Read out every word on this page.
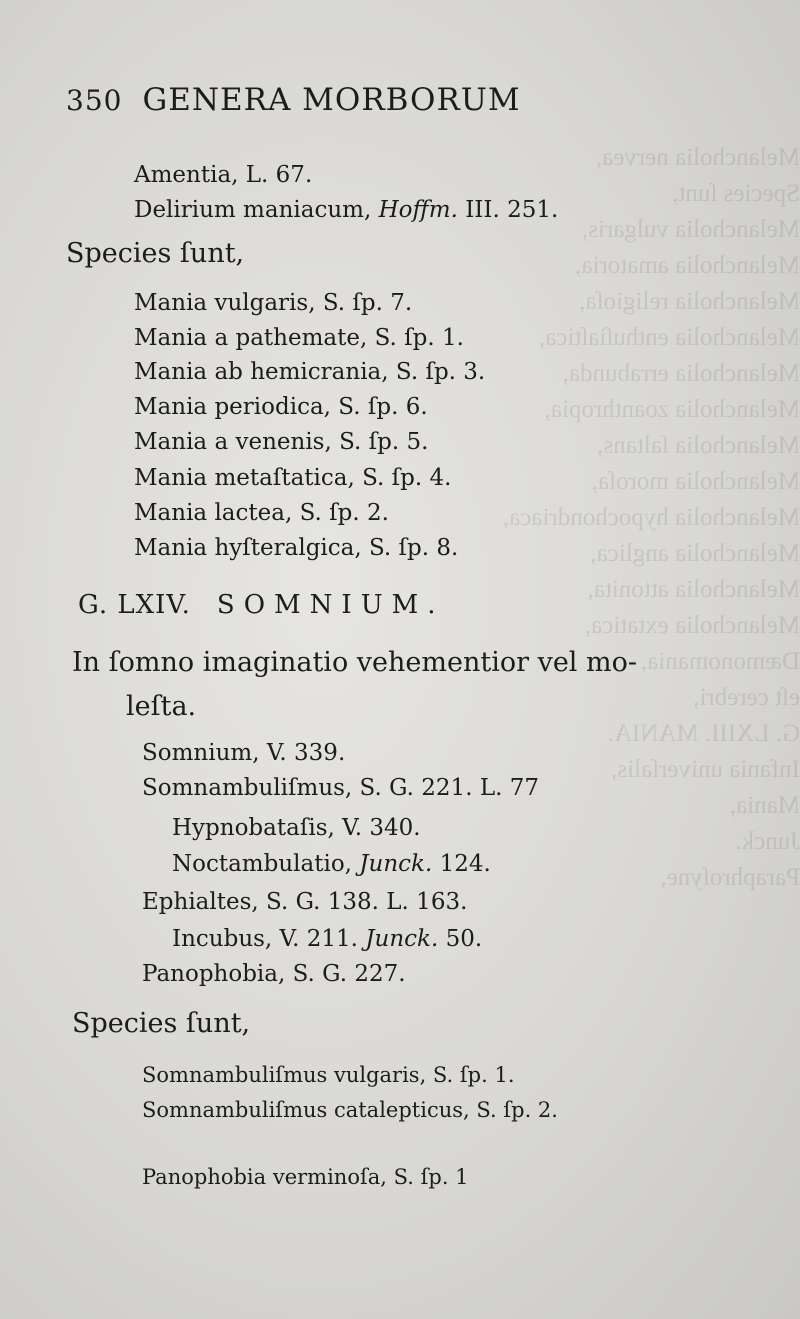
Melancholia nervea,
Species ſunt,
Melancholia vulgaris,
Melancholia amatoria,
Melancholia religioſa,
Melancholia enthuſiaſtica,
Melancholia errabunda,
Melancholia zoanthropia,
Melancholia ſaltans,
Melancholia moroſa,
Melancholia hypochondriaca,
Melancholia anglica,
Melancholia attonita,
Melancholia extatica,
Dæmonomania,
eſt cerebri,
G. LXIII. MANIA.
Infania univerſalis,
Mania,
Junck.
Paraphroſyne,
350 GENERA MORBORUM
Amentia, L. 67.
Delirium maniacum, Hoffm. III. 251.
Species ſunt,
Mania vulgaris, S. ſp. 7.
Mania a pathemate, S. ſp. 1.
Mania ab hemicrania, S. ſp. 3.
Mania periodica, S. ſp. 6.
Mania a venenis, S. ſp. 5.
Mania metaſtatica, S. ſp. 4.
Mania lactea, S. ſp. 2.
Mania hyſteralgica, S. ſp. 8.
G. LXIV. SOMNIUM.
In ſomno imaginatio vehementior vel mo-
leſta.
Somnium, V. 339.
Somnambuliſmus, S. G. 221. L. 77
Hypnobataſis, V. 340.
Noctambulatio, Junck. 124.
Ephialtes, S. G. 138. L. 163.
Incubus, V. 211. Junck. 50.
Panophobia, S. G. 227.
Species ſunt,
Somnambuliſmus vulgaris, S. ſp. 1.
Somnambuliſmus catalepticus, S. ſp. 2.
Panophobia verminoſa, S. ſp. 1
